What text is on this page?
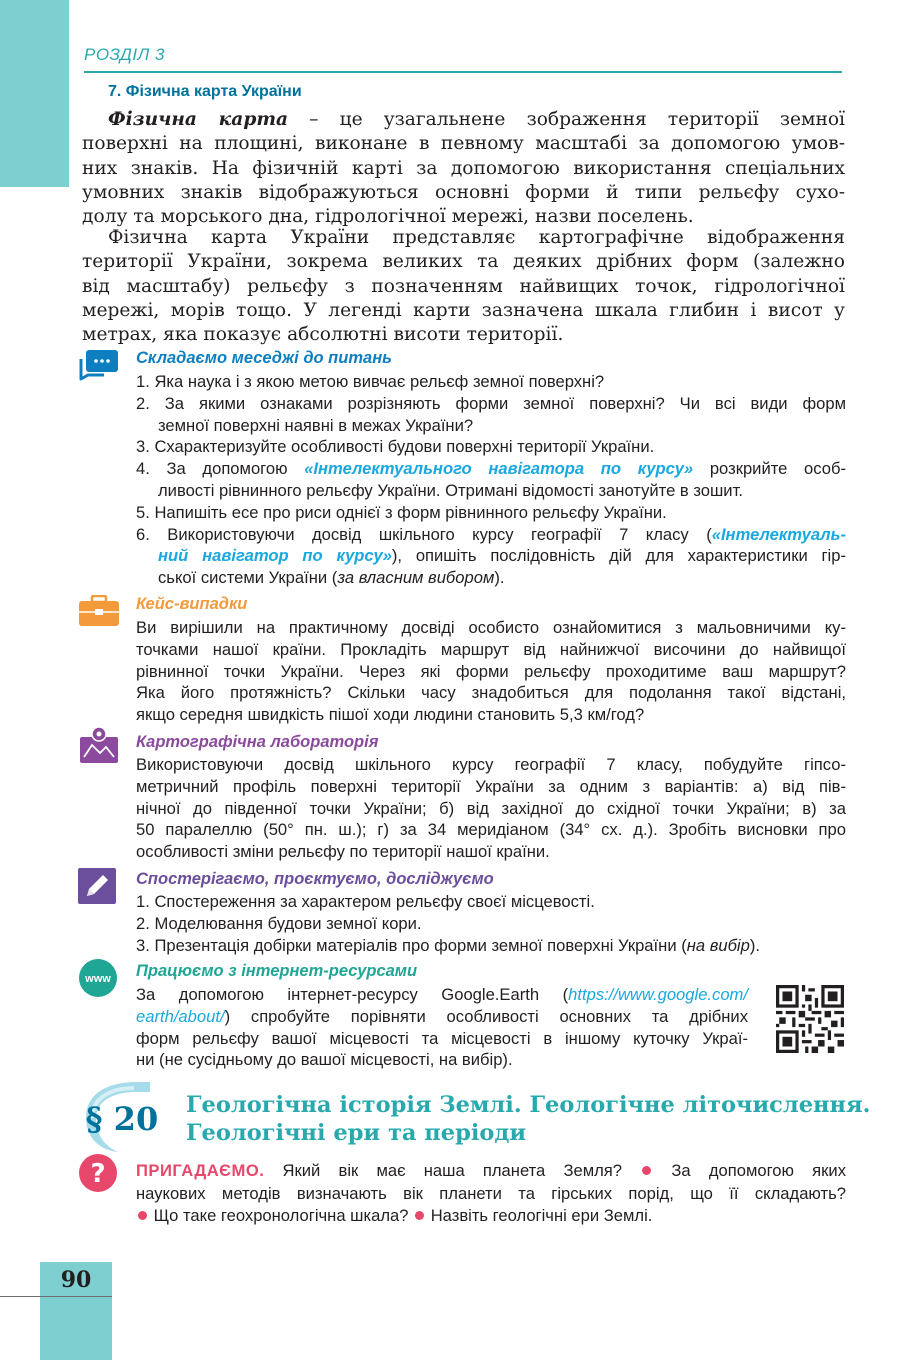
90
РОЗДІЛ 3
7. Фізична карта України
Фізична карта – це узагальнене зображення території земної
поверхні на площині, виконане в певному масштабі за допомогою умов-
них знаків. На фізичній карті за допомогою використання спеціальних
умовних знаків відображуються основні форми й типи рельєфу сухо-
долу та морського дна, гідрологічної мережі, назви поселень.
Фізична карта України представляє картографічне відображення
території України, зокрема великих та деяких дрібних форм (залежно
від масштабу) рельєфу з позначенням найвищих точок, гідрологічної
мережі, морів тощо. У легенді карти зазначена шкала глибин і висот у
метрах, яка показує абсолютні висоти території.
Складаємо меседжі до питань
1. Яка наука і з якою метою вивчає рельєф земної поверхні?
2. За якими ознаками розрізняють форми земної поверхні? Чи всі види форм
земної поверхні наявні в межах України?
3. Схарактеризуйте особливості будови поверхні території України.
4. За допомогою «Інтелектуального навігатора по курсу» розкрийте особ-
ливості рівнинного рельєфу України. Отримані відомості занотуйте в зошит.
5. Напишіть есе про риси однієї з форм рівнинного рельєфу України.
6. Використовуючи досвід шкільного курсу географії 7 класу («Інтелектуаль-
ний навігатор по курсу»), опишіть послідовність дій для характеристики гір-
ської системи України (за власним вибором).
Кейс-випадки
Ви вирішили на практичному досвіді особисто ознайомитися з мальовничими ку-
точками нашої країни. Прокладіть маршрут від найнижчої височини до найвищої
рівнинної точки України. Через які форми рельєфу проходитиме ваш маршрут?
Яка його протяжність? Скільки часу знадобиться для подолання такої відстані,
якщо середня швидкість пішої ходи людини становить 5,3 км/год?
Картографічна лабораторія
Використовуючи досвід шкільного курсу географії 7 класу, побудуйте гіпсо-
метричний профіль поверхні території України за одним з варіантів: а) від пів-
нічної до південної точки України; б) від західної до східної точки України; в) за
50 паралеллю (50° пн. ш.); г) за 34 меридіаном (34° сх. д.). Зробіть висновки про
особливості зміни рельєфу по території нашої країни.
Спостерігаємо, проєктуємо, досліджуємо
1. Спостереження за характером рельєфу своєї місцевості.
2. Моделювання будови земної кори.
3. Презентація добірки матеріалів про форми земної поверхні України (на вибір).
www Працюємо з інтернет-ресурсами
За допомогою інтернет-ресурсу Google.Earth (https://www.google.com/
earth/about/) спробуйте порівняти особливості основних та дрібних
форм рельєфу вашої місцевості та місцевості в іншому куточку Украї-
ни (не сусідньому до вашої місцевості, на вибір).
§ 20 Геологічна історія Землі. Геологічне літочислення.
Геологічні ери та періоди
? ПРИГАДАЄМО. Який вік має наша планета Земля?  За допомогою яких
наукових методів визначають вік планети та гірських порід, що її складають?
Що таке геохронологічна шкала?  Назвіть геологічні ери Землі.
